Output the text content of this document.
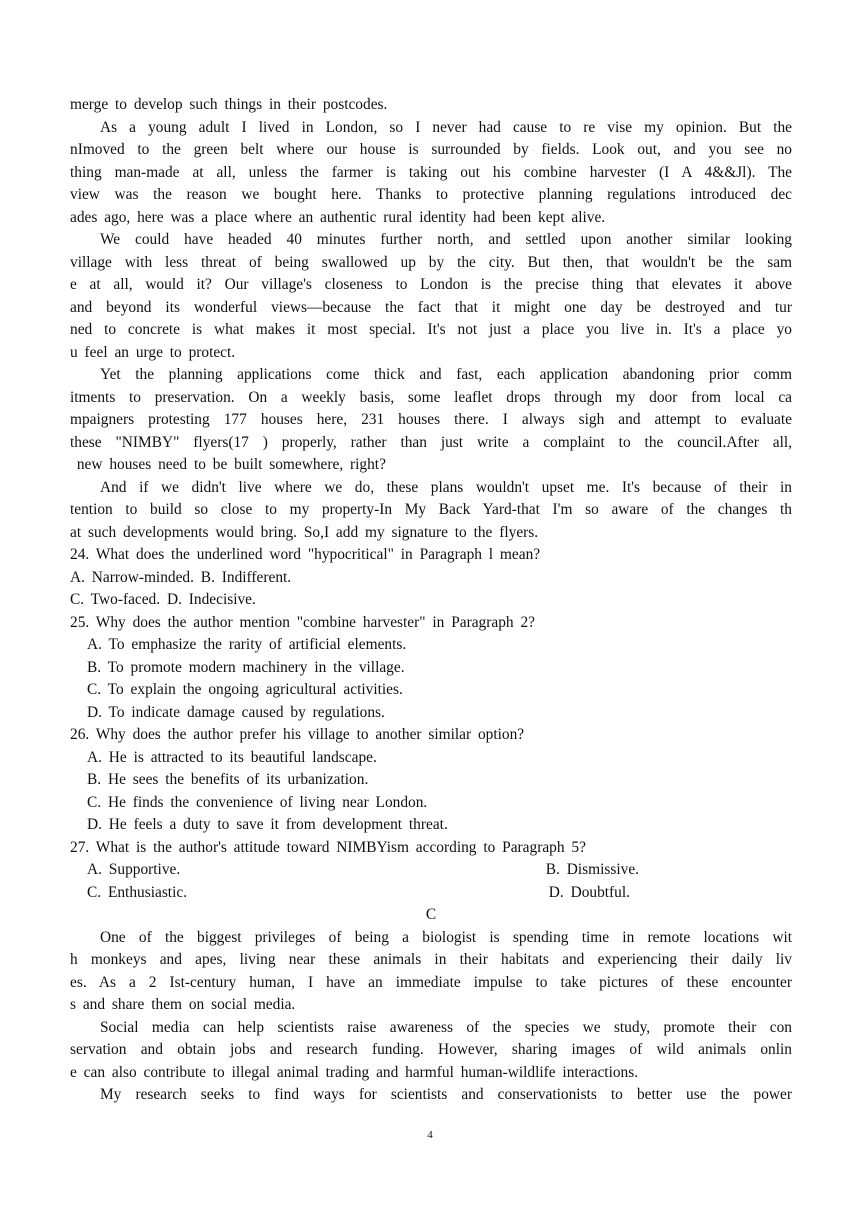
merge to develop such things in their postcodes.
As a young adult I lived in London, so I never had cause to re vise my opinion. But the
nImoved to the green belt where our house is surrounded by fields. Look out, and you see no
thing man-made at all, unless the farmer is taking out his combine harvester (I A 4&&Jl). The
view was the reason we bought here. Thanks to protective planning regulations introduced dec
ades ago, here was a place where an authentic rural identity had been kept alive.
We could have headed 40 minutes further north, and settled upon another similar looking
village with less threat of being swallowed up by the city. But then, that wouldn't be the sam
e at all, would it? Our village's closeness to London is the precise thing that elevates it above
and beyond its wonderful views—because the fact that it might one day be destroyed and tur
ned to concrete is what makes it most special. It's not just a place you live in. It's a place yo
u feel an urge to protect.
Yet the planning applications come thick and fast, each application abandoning prior comm
itments to preservation. On a weekly basis, some leaflet drops through my door from local ca
mpaigners protesting 177 houses here, 231 houses there. I always sigh and attempt to evaluate
these "NIMBY" flyers(17 ) properly, rather than just write a complaint to the council.After all,
new houses need to be built somewhere, right?
And if we didn't live where we do, these plans wouldn't upset me. It's because of their in
tention to build so close to my property-In My Back Yard-that I'm so aware of the changes th
at such developments would bring. So,I add my signature to the flyers.
24. What does the underlined word "hypocritical" in Paragraph l mean?
A. Narrow-minded. B. Indifferent.
C. Two-faced. D. Indecisive.
25. Why does the author mention "combine harvester" in Paragraph 2?
A. To emphasize the rarity of artificial elements.
B. To promote modern machinery in the village.
C. To explain the ongoing agricultural activities.
D. To indicate damage caused by regulations.
26. Why does the author prefer his village to another similar option?
A. He is attracted to its beautiful landscape.
B. He sees the benefits of its urbanization.
C. He finds the convenience of living near London.
D. He feels a duty to save it from development threat.
27. What is the author's attitude toward NIMBYism according to Paragraph 5?
A. Supportive.	B. Dismissive.
C. Enthusiastic.	D. Doubtful.
C
One of the biggest privileges of being a biologist is spending time in remote locations wit
h monkeys and apes, living near these animals in their habitats and experiencing their daily liv
es. As a 2 Ist-century human, I have an immediate impulse to take pictures of these encounter
s and share them on social media.
Social media can help scientists raise awareness of the species we study, promote their con
servation and obtain jobs and research funding. However, sharing images of wild animals onlin
e can also contribute to illegal animal trading and harmful human-wildlife interactions.
My research seeks to find ways for scientists and conservationists to better use the power
4
